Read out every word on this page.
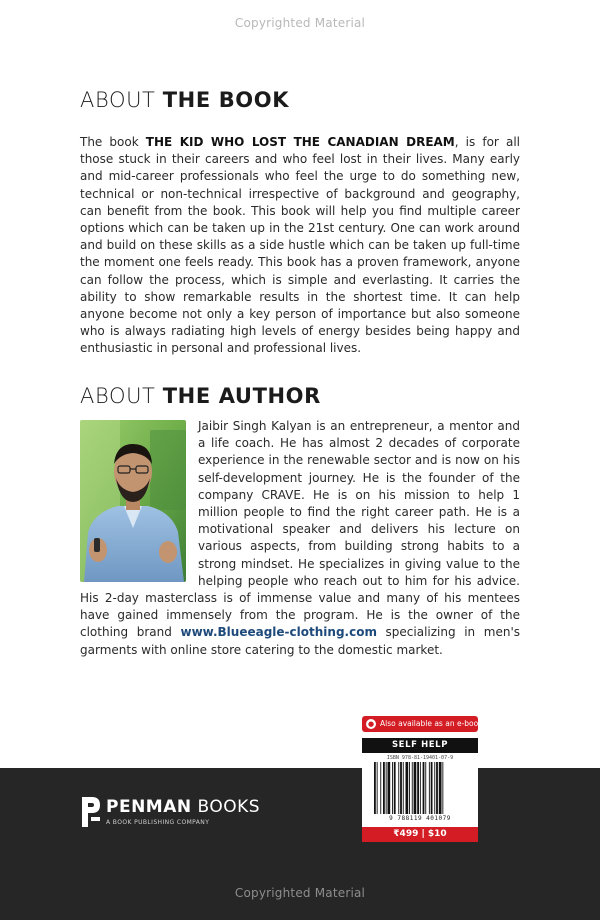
Copyrighted Material
ABOUT THE BOOK
The book THE KID WHO LOST THE CANADIAN DREAM, is for all those stuck in their careers and who feel lost in their lives. Many early and mid-career professionals who feel the urge to do something new, technical or non-technical irrespective of background and geography, can benefit from the book. This book will help you find multiple career options which can be taken up in the 21st century. One can work around and build on these skills as a side hustle which can be taken up full-time the moment one feels ready. This book has a proven framework, anyone can follow the process, which is simple and everlasting. It carries the ability to show remarkable results in the shortest time. It can help anyone become not only a key person of importance but also someone who is always radiating high levels of energy besides being happy and enthusiastic in personal and professional lives.
ABOUT THE AUTHOR
Jaibir Singh Kalyan is an entrepreneur, a mentor and a life coach. He has almost 2 decades of corporate experience in the renewable sector and is now on his self-development journey. He is the founder of the company CRAVE. He is on his mission to help 1 million people to find the right career path. He is a motivational speaker and delivers his lecture on various aspects, from building strong habits to a strong mindset. He specializes in giving value to the helping people who reach out to him for his advice. His 2-day masterclass is of immense value and many of his mentees have gained immensely from the program. He is the owner of the clothing brand www.Blueeagle-clothing.com specializing in men's garments with online store catering to the domestic market.
PENMAN BOOKS
A BOOK PUBLISHING COMPANY
● Also available as an e-book
SELF HELP
ISBN 978-81-19401-07-9
9 788119 401079
₹499 | $10
Copyrighted Material
